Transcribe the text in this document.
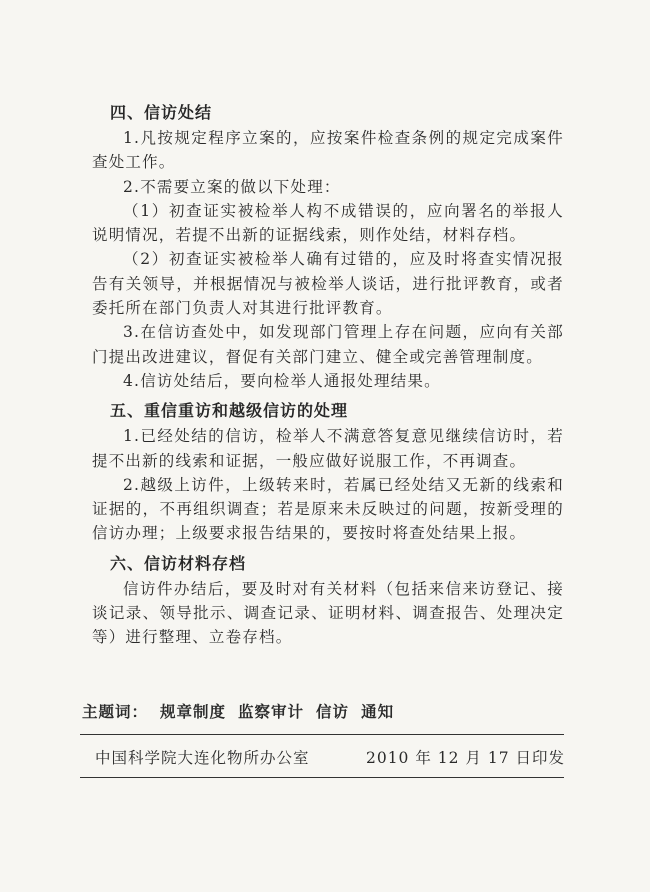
四、信访处结

1.凡按规定程序立案的，应按案件检查条例的规定完成案件查处工作。

2.不需要立案的做以下处理：

（1）初查证实被检举人构不成错误的，应向署名的举报人说明情况，若提不出新的证据线索，则作处结，材料存档。

（2）初查证实被检举人确有过错的，应及时将查实情况报告有关领导，并根据情况与被检举人谈话，进行批评教育，或者委托所在部门负责人对其进行批评教育。

3.在信访查处中，如发现部门管理上存在问题，应向有关部门提出改进建议，督促有关部门建立、健全或完善管理制度。

4.信访处结后，要向检举人通报处理结果。

五、重信重访和越级信访的处理

1.已经处结的信访，检举人不满意答复意见继续信访时，若提不出新的线索和证据，一般应做好说服工作，不再调查。

2.越级上访件，上级转来时，若属已经处结又无新的线索和证据的，不再组织调查；若是原来未反映过的问题，按新受理的信访办理；上级要求报告结果的，要按时将查处结果上报。

六、信访材料存档

信访件办结后，要及时对有关材料（包括来信来访登记、接谈记录、领导批示、调查记录、证明材料、调查报告、处理决定等）进行整理、立卷存档。

主题词： 规章制度 监察审计 信访 通知
中国科学院大连化物所办公室	2010 年 12 月 17 日印发
